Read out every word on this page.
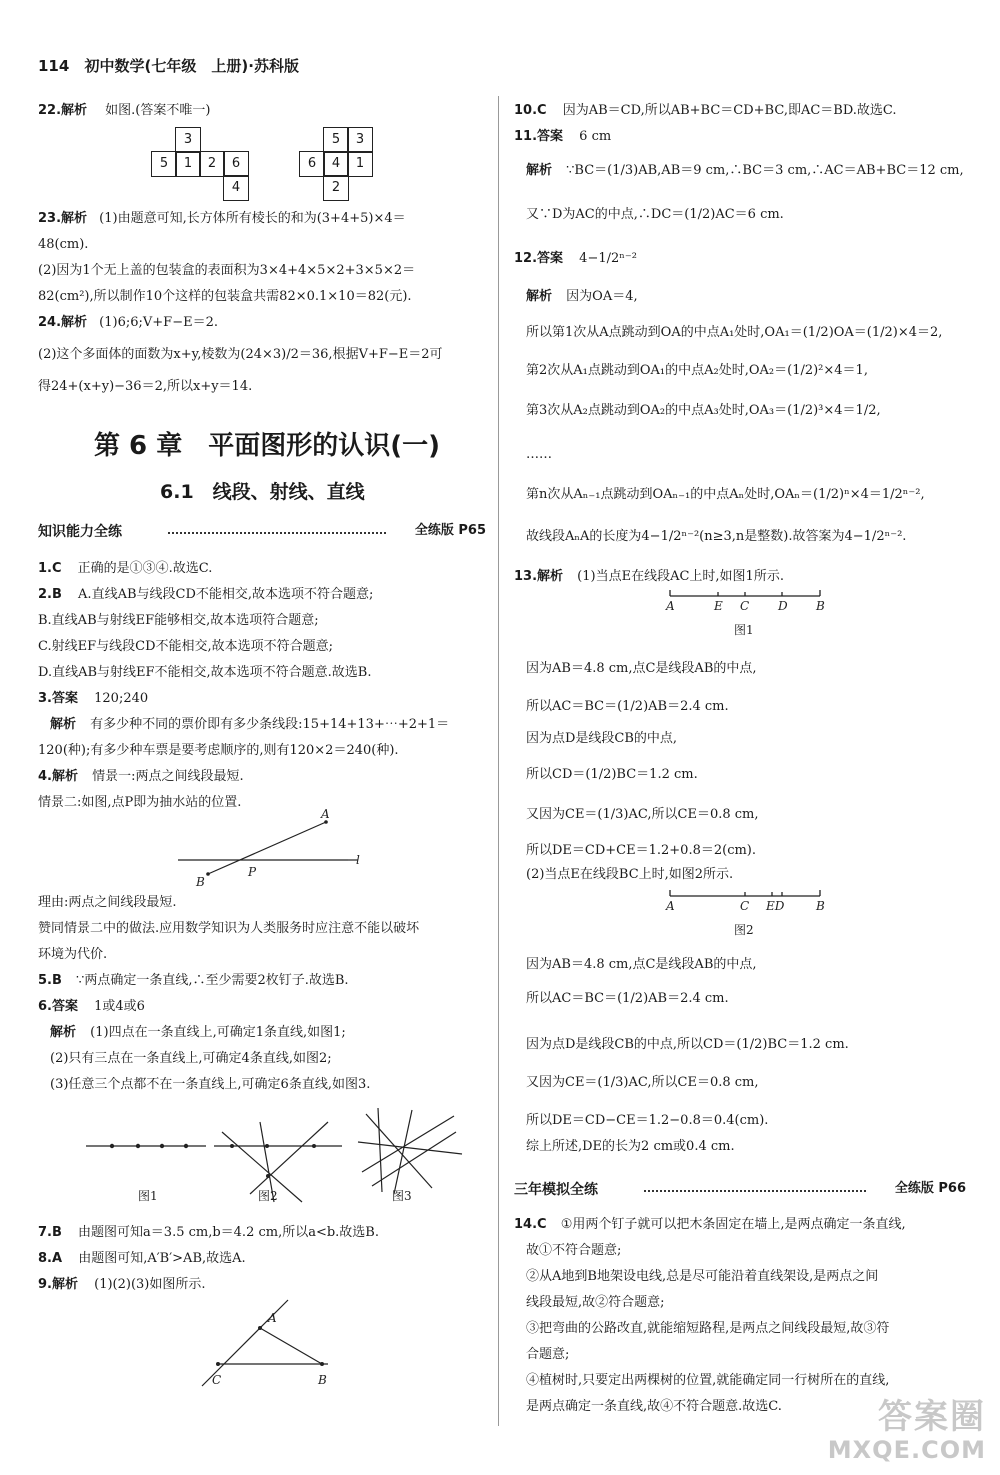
114 初中数学(七年级　上册)·苏科版
22.解析 如图.(答案不唯一)
3
5	1	2	6
4
5	3
6	4	1
2
23.解析 (1)由题意可知,长方体所有棱长的和为(3+4+5)×4＝
48(cm).
(2)因为1个无上盖的包装盒的表面积为3×4+4×5×2+3×5×2＝
82(cm²),所以制作10个这样的包装盒共需82×0.1×10＝82(元).
24.解析 (1)6;6;V+F−E＝2.
(2)这个多面体的面数为x+y,棱数为(24×3)/2＝36,根据V+F−E＝2可
得24+(x+y)−36＝2,所以x+y＝14.
第 6 章　平面图形的认识(一)
6.1　线段、射线、直线
知识能力全练	全练版 P65
1.C 正确的是①③④.故选C.
2.B A.直线AB与线段CD不能相交,故本选项不符合题意;
B.直线AB与射线EF能够相交,故本选项符合题意;
C.射线EF与线段CD不能相交,故本选项不符合题意;
D.直线AB与射线EF不能相交,故本选项不符合题意.故选B.
3.答案 120;240
解析 有多少种不同的票价即有多少条线段:15+14+13+⋯+2+1＝
120(种);有多少种车票是要考虑顺序的,则有120×2＝240(种).
4.解析 情景一:两点之间线段最短.
情景二:如图,点P即为抽水站的位置.
A
B
P
l
理由:两点之间线段最短.
赞同情景二中的做法.应用数学知识为人类服务时应注意不能以破坏
环境为代价.
5.B ∵两点确定一条直线,∴至少需要2枚钉子.故选B.
6.答案 1或4或6
解析 (1)四点在一条直线上,可确定1条直线,如图1;
(2)只有三点在一条直线上,可确定4条直线,如图2;
(3)任意三个点都不在一条直线上,可确定6条直线,如图3.
图1	图2	图3
7.B 由题图可知a＝3.5 cm,b＝4.2 cm,所以a<b.故选B.
8.A 由题图可知,A′B′>AB,故选A.
9.解析 (1)(2)(3)如图所示.
A
C	B
10.C 因为AB＝CD,所以AB+BC＝CD+BC,即AC＝BD.故选C.
11.答案 6 cm
解析 ∵BC＝(1/3)AB,AB＝9 cm,∴BC＝3 cm,∴AC＝AB+BC＝12 cm,
又∵D为AC的中点,∴DC＝(1/2)AC＝6 cm.
12.答案 4−1/2ⁿ⁻²
解析 因为OA＝4,
所以第1次从A点跳动到OA的中点A₁处时,OA₁＝(1/2)OA＝(1/2)×4＝2,
第2次从A₁点跳动到OA₁的中点A₂处时,OA₂＝(1/2)²×4＝1,
第3次从A₂点跳动到OA₂的中点A₃处时,OA₃＝(1/2)³×4＝1/2,
……
第n次从Aₙ₋₁点跳动到OAₙ₋₁的中点Aₙ处时,OAₙ＝(1/2)ⁿ×4＝1/2ⁿ⁻²,
故线段AₙA的长度为4−1/2ⁿ⁻²(n≥3,n是整数).故答案为4−1/2ⁿ⁻².
13.解析 (1)当点E在线段AC上时,如图1所示.
A	E C D B
图1
因为AB＝4.8 cm,点C是线段AB的中点,
所以AC＝BC＝(1/2)AB＝2.4 cm.
因为点D是线段CB的中点,
所以CD＝(1/2)BC＝1.2 cm.
又因为CE＝(1/3)AC,所以CE＝0.8 cm,
所以DE＝CD+CE＝1.2+0.8＝2(cm).
(2)当点E在线段BC上时,如图2所示.
A	C ED	B
图2
因为AB＝4.8 cm,点C是线段AB的中点,
所以AC＝BC＝(1/2)AB＝2.4 cm.
因为点D是线段CB的中点,所以CD＝(1/2)BC＝1.2 cm.
又因为CE＝(1/3)AC,所以CE＝0.8 cm,
所以DE＝CD−CE＝1.2−0.8＝0.4(cm).
综上所述,DE的长为2 cm或0.4 cm.
三年模拟全练	全练版 P66
14.C ①用两个钉子就可以把木条固定在墙上,是两点确定一条直线,
故①不符合题意;
②从A地到B地架设电线,总是尽可能沿着直线架设,是两点之间
线段最短,故②符合题意;
③把弯曲的公路改直,就能缩短路程,是两点之间线段最短,故③符
合题意;
④植树时,只要定出两棵树的位置,就能确定同一行树所在的直线,
是两点确定一条直线,故④不符合题意.故选C.	答案圈
MXQE.COM
